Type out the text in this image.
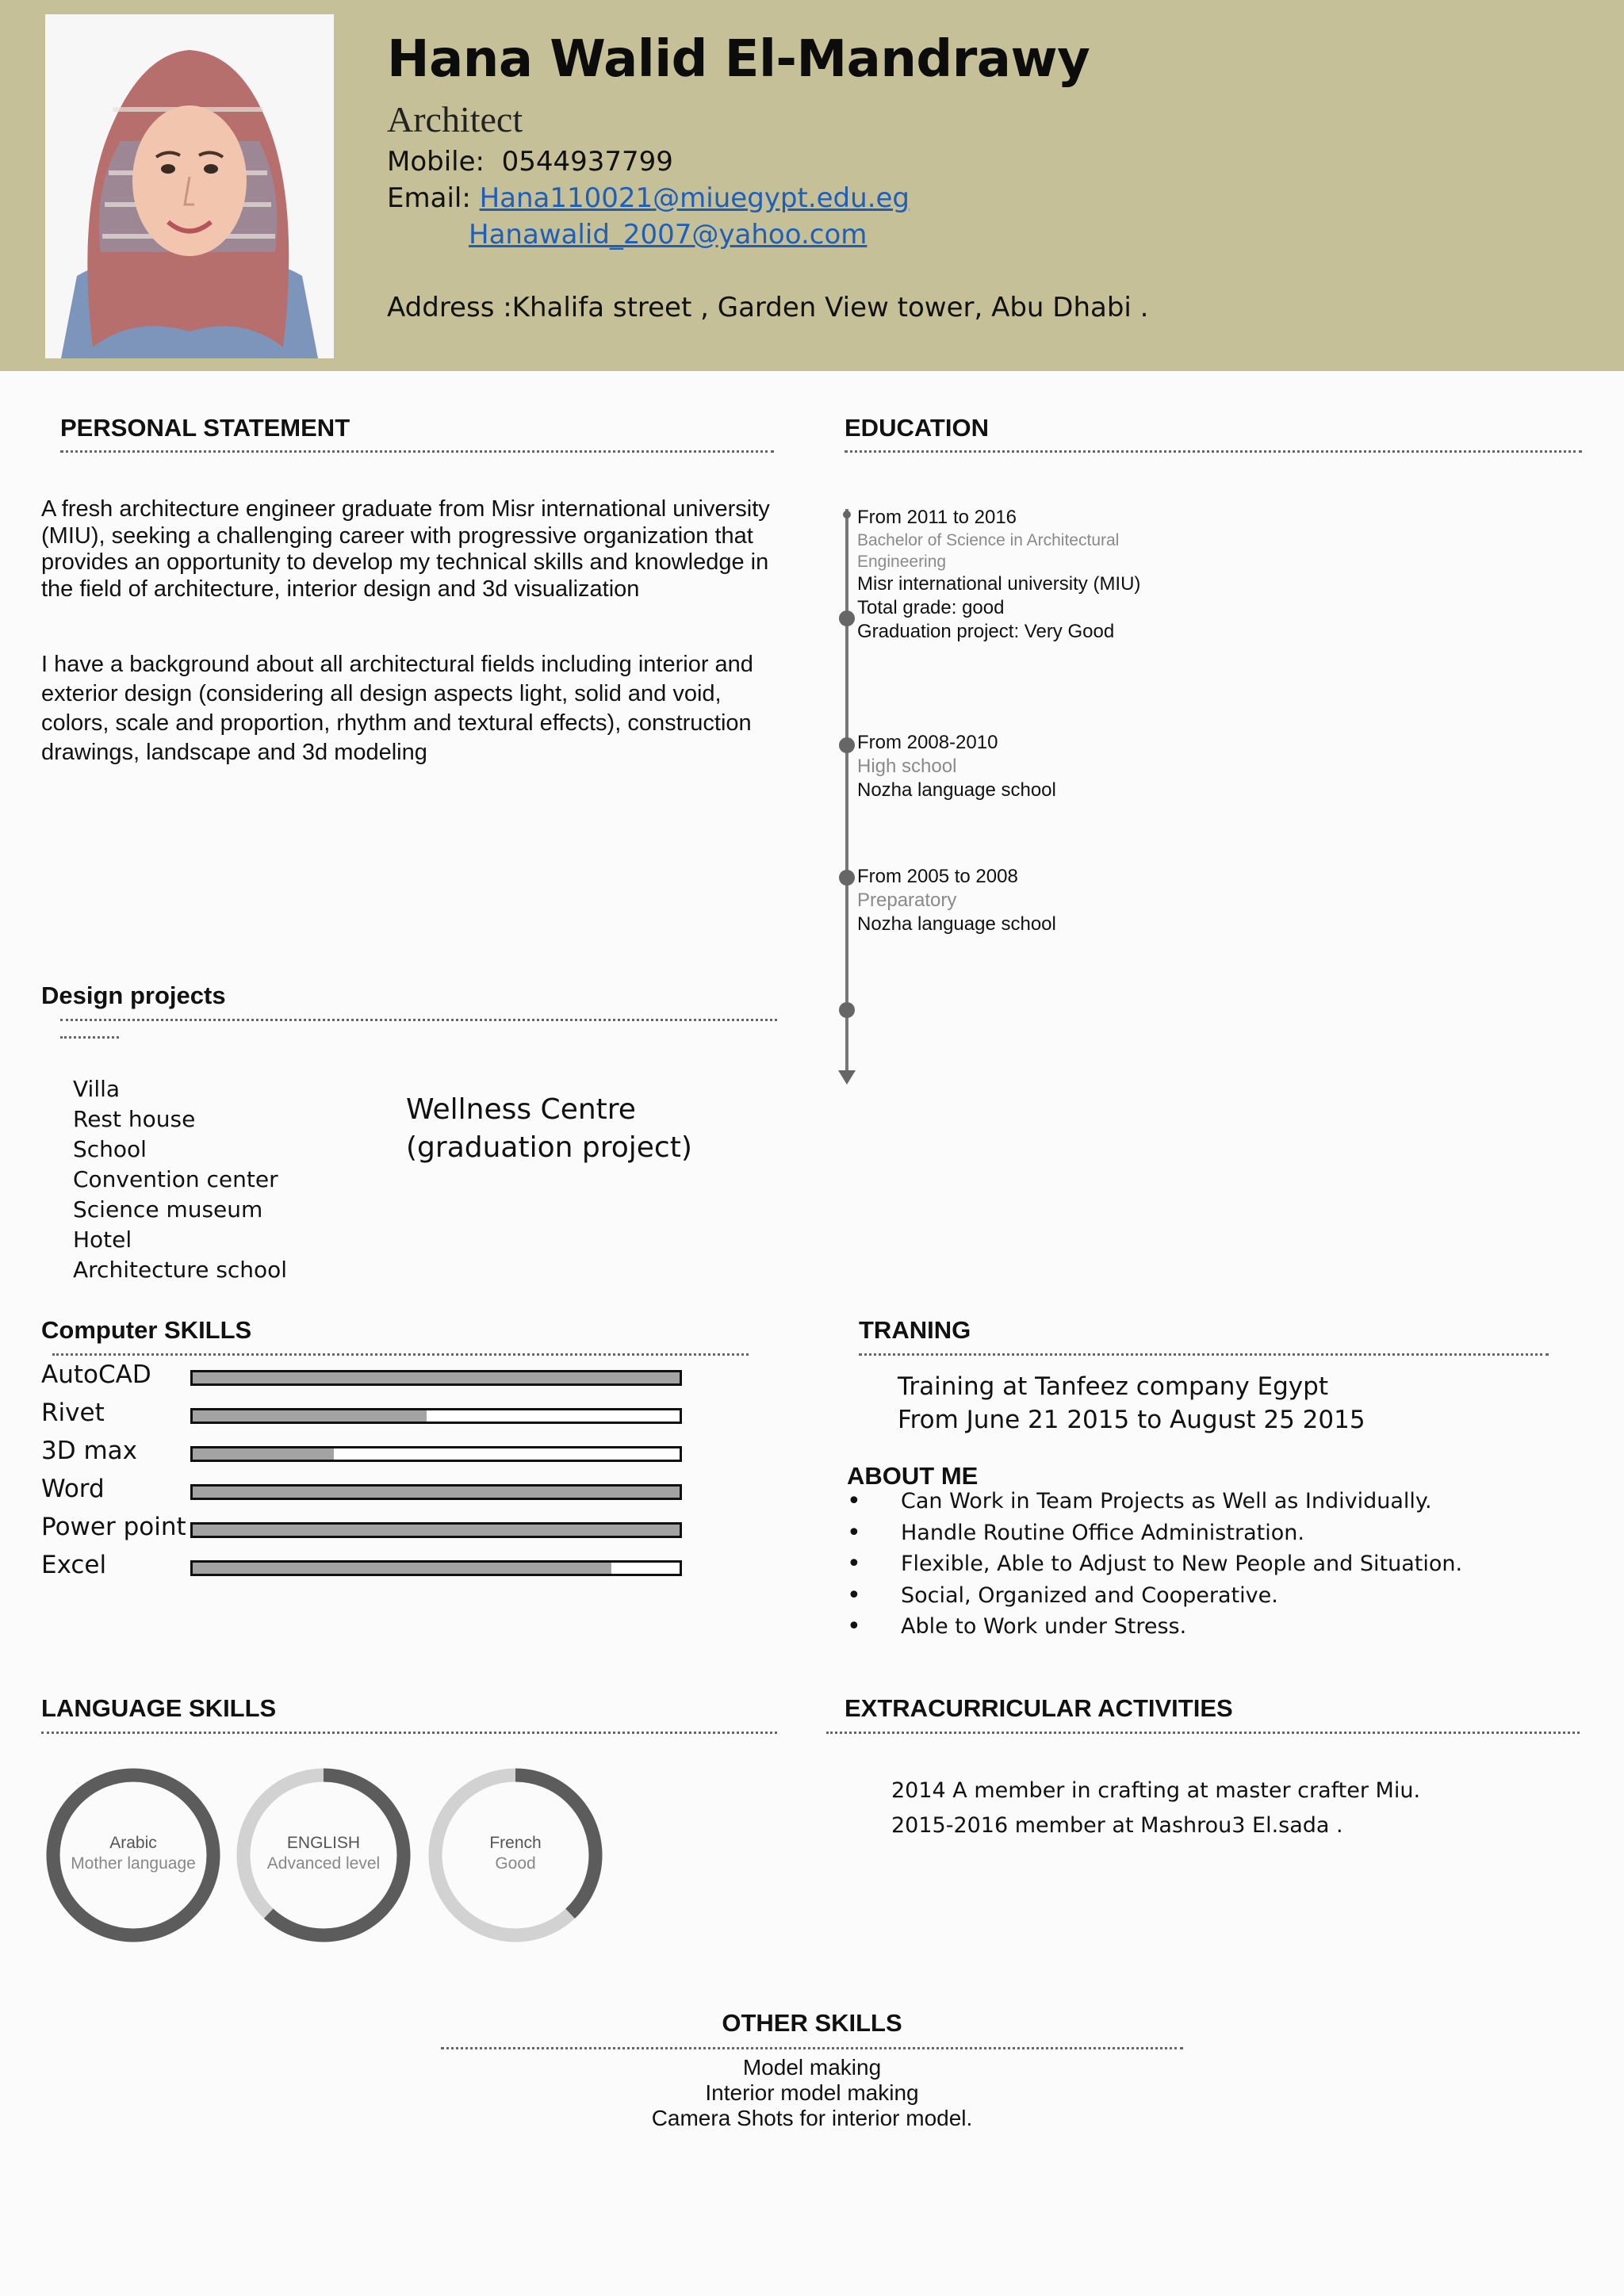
Hana Walid El-Mandrawy
Architect
Mobile: 0544937799
Email: Hana110021@miuegypt.edu.eg
Hanawalid_2007@yahoo.com
Address :Khalifa street , Garden View tower, Abu Dhabi .
PERSONAL STATEMENT
A fresh architecture engineer graduate from Misr international university (MIU), seeking a challenging career with progressive organization that provides an opportunity to develop my technical skills and knowledge in the field of architecture, interior design and 3d visualization
I have a background about all architectural fields including interior and exterior design (considering all design aspects light, solid and void, colors, scale and proportion, rhythm and textural effects), construction drawings, landscape and 3d modeling
EDUCATION
From 2011 to 2016
Bachelor of Science in Architectural
Engineering
Misr international university (MIU)
Total grade: good
Graduation project: Very Good
From 2008-2010
High school
Nozha language school
From 2005 to 2008
Preparatory
Nozha language school
Design projects
Villa
Rest house
School
Convention center
Science museum
Hotel
Architecture school
Wellness Centre
(graduation project)
Computer SKILLS
AutoCAD
Rivet
3D max
Word
Power point
Excel
TRANING
Training at Tanfeez company Egypt
From June 21 2015 to August 25 2015
ABOUT ME
• Can Work in Team Projects as Well as Individually.
• Handle Routine Office Administration.
• Flexible, Able to Adjust to New People and Situation.
• Social, Organized and Cooperative.
• Able to Work under Stress.
LANGUAGE SKILLS
Arabic
Mother language
ENGLISH
Advanced level
French
Good
EXTRACURRICULAR ACTIVITIES
2014 A member in crafting at master crafter Miu.
2015-2016 member at Mashrou3 El.sada .
OTHER SKILLS
Model making
Interior model making
Camera Shots for interior model.
